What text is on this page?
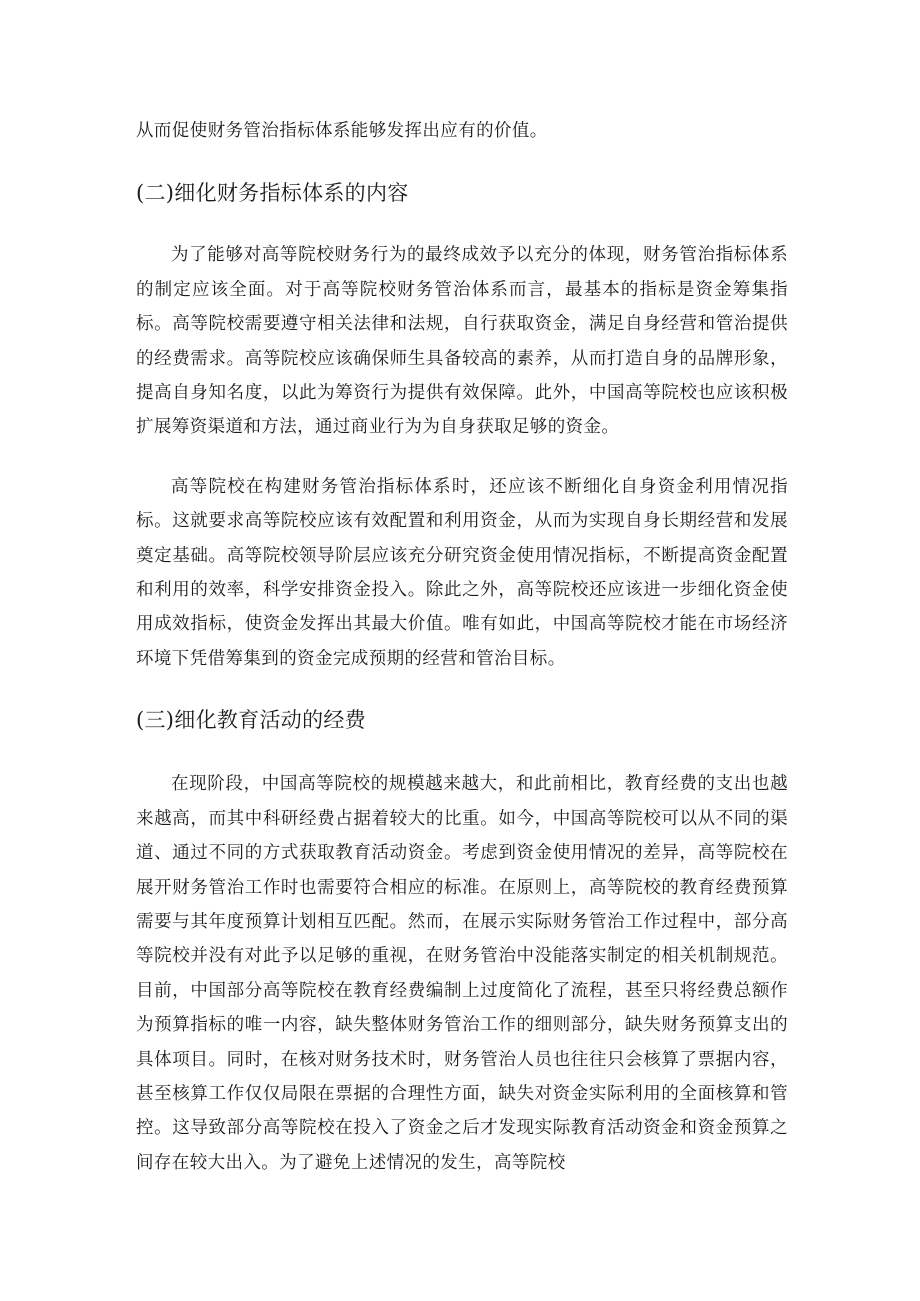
从而促使财务管治指标体系能够发挥出应有的价值。

(二)细化财务指标体系的内容

为了能够对高等院校财务行为的最终成效予以充分的体现，财务管治指标体系的制定应该全面。对于高等院校财务管治体系而言，最基本的指标是资金筹集指标。高等院校需要遵守相关法律和法规，自行获取资金，满足自身经营和管治提供的经费需求。高等院校应该确保师生具备较高的素养，从而打造自身的品牌形象，提高自身知名度，以此为筹资行为提供有效保障。此外，中国高等院校也应该积极扩展筹资渠道和方法，通过商业行为为自身获取足够的资金。

高等院校在构建财务管治指标体系时，还应该不断细化自身资金利用情况指标。这就要求高等院校应该有效配置和利用资金，从而为实现自身长期经营和发展奠定基础。高等院校领导阶层应该充分研究资金使用情况指标，不断提高资金配置和利用的效率，科学安排资金投入。除此之外，高等院校还应该进一步细化资金使用成效指标，使资金发挥出其最大价值。唯有如此，中国高等院校才能在市场经济环境下凭借筹集到的资金完成预期的经营和管治目标。

(三)细化教育活动的经费

在现阶段，中国高等院校的规模越来越大，和此前相比，教育经费的支出也越来越高，而其中科研经费占据着较大的比重。如今，中国高等院校可以从不同的渠道、通过不同的方式获取教育活动资金。考虑到资金使用情况的差异，高等院校在展开财务管治工作时也需要符合相应的标准。在原则上，高等院校的教育经费预算需要与其年度预算计划相互匹配。然而，在展示实际财务管治工作过程中，部分高等院校并没有对此予以足够的重视，在财务管治中没能落实制定的相关机制规范。目前，中国部分高等院校在教育经费编制上过度简化了流程，甚至只将经费总额作为预算指标的唯一内容，缺失整体财务管治工作的细则部分，缺失财务预算支出的具体项目。同时，在核对财务技术时，财务管治人员也往往只会核算了票据内容，甚至核算工作仅仅局限在票据的合理性方面，缺失对资金实际利用的全面核算和管控。这导致部分高等院校在投入了资金之后才发现实际教育活动资金和资金预算之间存在较大出入。为了避免上述情况的发生，高等院校
